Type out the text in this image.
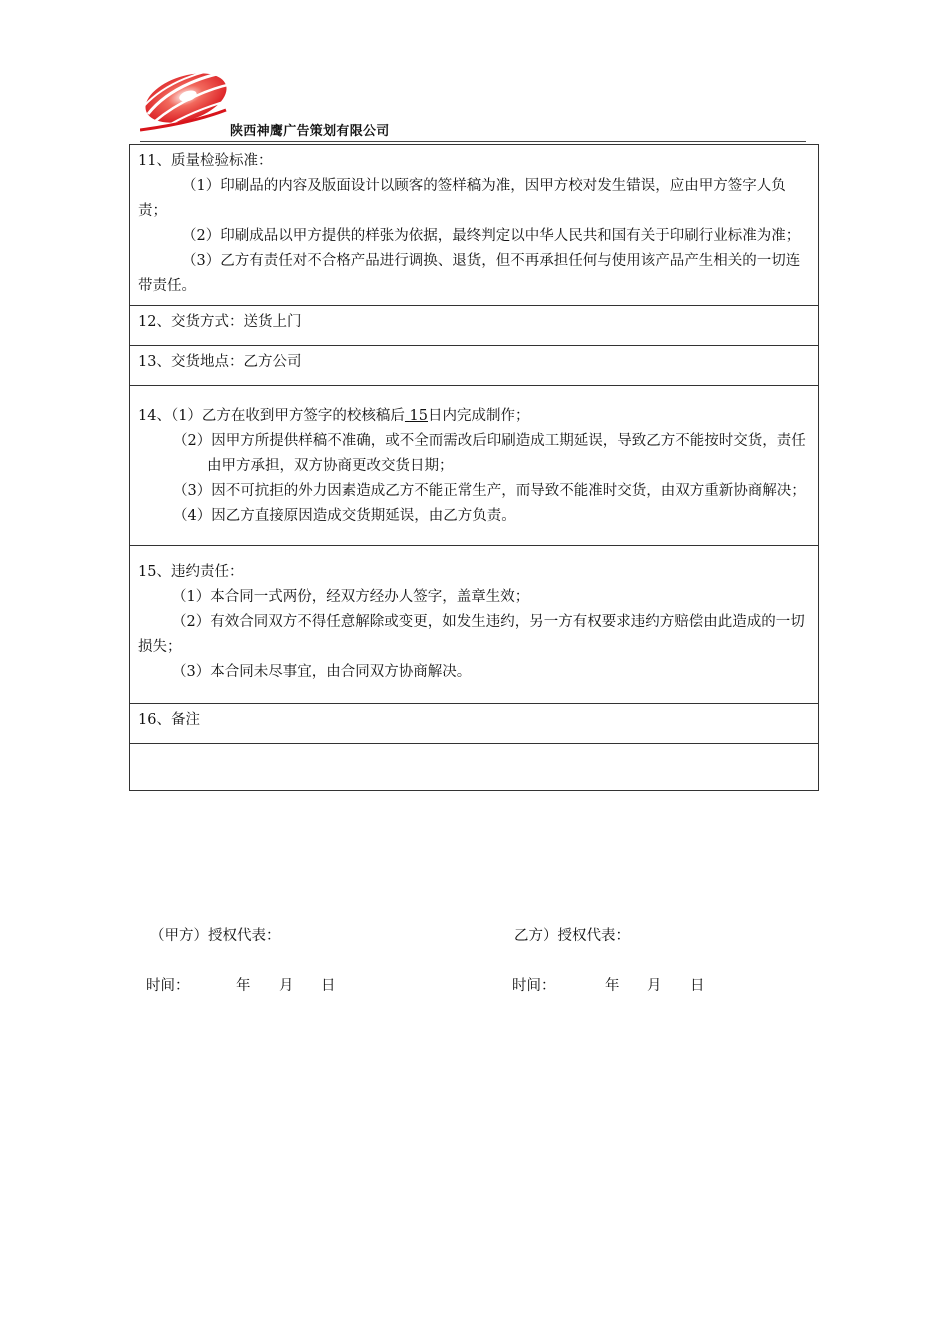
陕西神鹰广告策划有限公司

11、质量检验标准：

（1）印刷品的内容及版面设计以顾客的签样稿为准，因甲方校对发生错误，应由甲方签字人负责；

（2）印刷成品以甲方提供的样张为依据，最终判定以中华人民共和国有关于印刷行业标准为准；

（3）乙方有责任对不合格产品进行调换、退货，但不再承担任何与使用该产品产生相关的一切连带责任。

12、交货方式：送货上门
13、交货地点：乙方公司

14、（1）乙方在收到甲方签字的校核稿后 15日内完成制作；

（2）因甲方所提供样稿不准确，或不全而需改后印刷造成工期延误，导致乙方不能按时交货，责任由甲方承担，双方协商更改交货日期；

（3）因不可抗拒的外力因素造成乙方不能正常生产，而导致不能准时交货，由双方重新协商解决；

（4）因乙方直接原因造成交货期延误，由乙方负责。

15、违约责任：

（1）本合同一式两份，经双方经办人签字，盖章生效；

（2）有效合同双方不得任意解除或变更，如发生违约，另一方有权要求违约方赔偿由此造成的一切损失；

（3）本合同未尽事宜，由合同双方协商解决。

16、备注

（甲方）授权代表：	乙方）授权代表：
时间：	年 月 日	时间：	年 月 日
